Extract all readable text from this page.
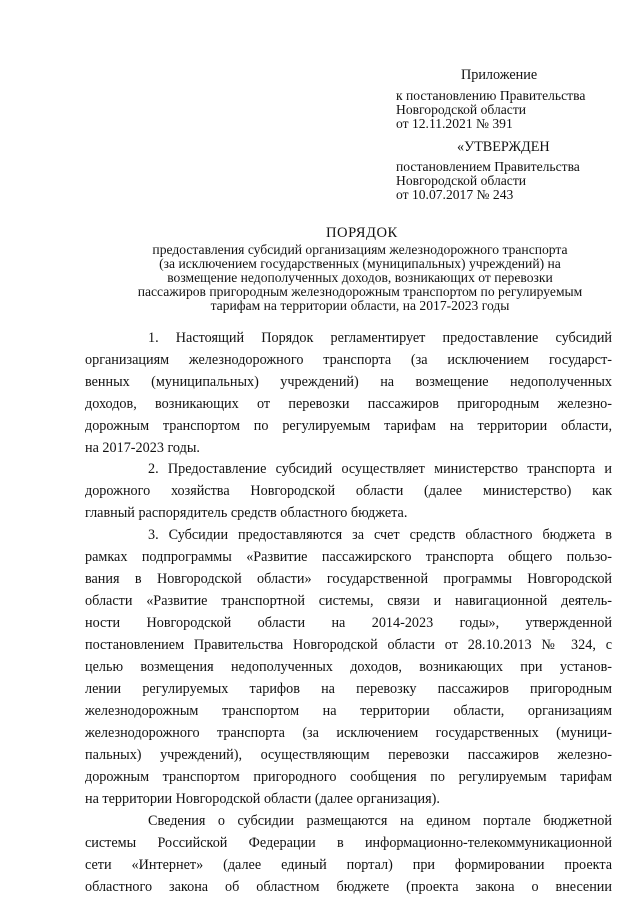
Приложение
к постановлению Правительства
Новгородской области
от 12.11.2021 № 391
«УТВЕРЖДЕН
постановлением Правительства
Новгородской области
от 10.07.2017 № 243
ПОРЯДОК
предоставления субсидий организациям железнодорожного транспорта
(за исключением государственных (муниципальных) учреждений) на
возмещение недополученных доходов, возникающих от перевозки
пассажиров пригородным железнодорожным транспортом по регулируемым
тарифам на территории области, на 2017-2023 годы
1. Настоящий Порядок регламентирует предоставление субсидий
организациям железнодорожного транспорта (за исключением государст-
венных (муниципальных) учреждений) на возмещение недополученных
доходов, возникающих от перевозки пассажиров пригородным железно-
дорожным транспортом по регулируемым тарифам на территории области,
на 2017-2023 годы.
2. Предоставление субсидий осуществляет министерство транспорта и
дорожного хозяйства Новгородской области (далее министерство) как
главный распорядитель средств областного бюджета.
3. Субсидии предоставляются за счет средств областного бюджета в
рамках подпрограммы «Развитие пассажирского транспорта общего пользо-
вания в Новгородской области» государственной программы Новгородской
области «Развитие транспортной системы, связи и навигационной деятель-
ности Новгородской области на 2014-2023 годы», утвержденной
постановлением Правительства Новгородской области от 28.10.2013 № 324, с
целью возмещения недополученных доходов, возникающих при установ-
лении регулируемых тарифов на перевозку пассажиров пригородным
железнодорожным транспортом на территории области, организациям
железнодорожного транспорта (за исключением государственных (муници-
пальных) учреждений), осуществляющим перевозки пассажиров железно-
дорожным транспортом пригородного сообщения по регулируемым тарифам
на территории Новгородской области (далее организация).
Сведения о субсидии размещаются на едином портале бюджетной
системы Российской Федерации в информационно-телекоммуникационной
сети «Интернет» (далее единый портал) при формировании проекта
областного закона об областном бюджете (проекта закона о внесении
